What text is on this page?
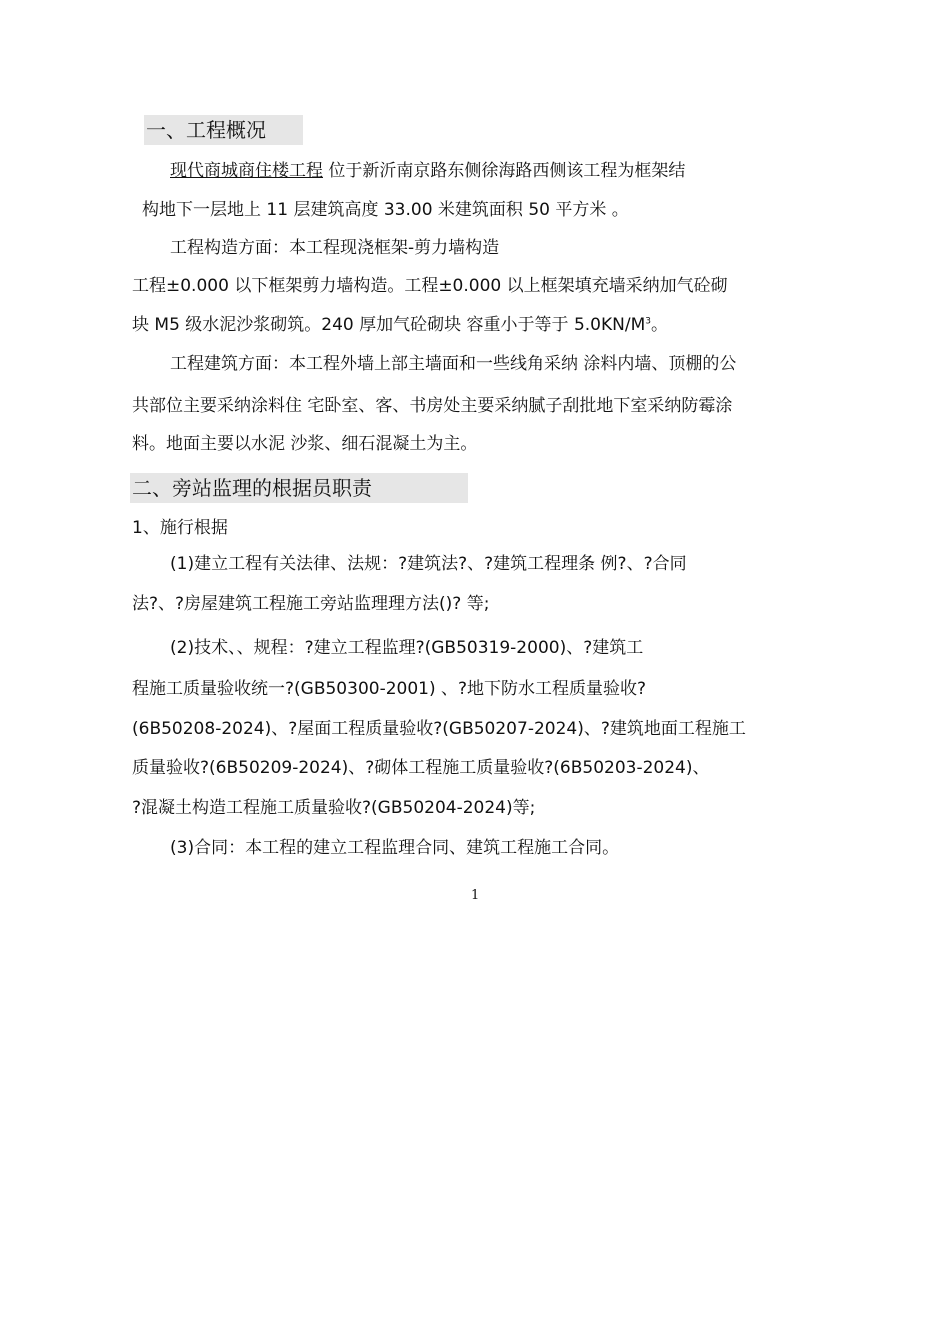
一、工程概况
现代商城商住楼工程 位于新沂南京路东侧徐海路西侧该工程为框架结
构地下一层地上 11 层建筑高度 33.00 米建筑面积 50 平方米 。
工程构造方面：本工程现浇框架-剪力墙构造
工程±0.000 以下框架剪力墙构造。工程±0.000 以上框架填充墙采纳加气砼砌
块 M5 级水泥沙浆砌筑。240 厚加气砼砌块 容重小于等于 $5.0KN/M^3$。
工程建筑方面：本工程外墙上部主墙面和一些线角采纳 涂料内墙、顶棚的公
共部位主要采纳涂料住 宅卧室、客、书房处主要采纳腻子刮批地下室采纳防霉涂
料。地面主要以水泥 沙浆、细石混凝土为主。
二、旁站监理的根据员职责
1、施行根据
(1)建立工程有关法律、法规：?建筑法?、?建筑工程理条 例?、?合同
法?、?房屋建筑工程施工旁站监理理方法()? 等;
(2)技术、、规程：?建立工程监理?(GB50319-2000)、?建筑工
程施工质量验收统一?(GB50300-2001) 、?地下防水工程质量验收?
(6B50208-2024)、?屋面工程质量验收?(GB50207-2024)、?建筑地面工程施工
质量验收?(6B50209-2024)、?砌体工程施工质量验收?(6B50203-2024)、
?混凝土构造工程施工质量验收?(GB50204-2024)等;
(3)合同：本工程的建立工程监理合同、建筑工程施工合同。
1
